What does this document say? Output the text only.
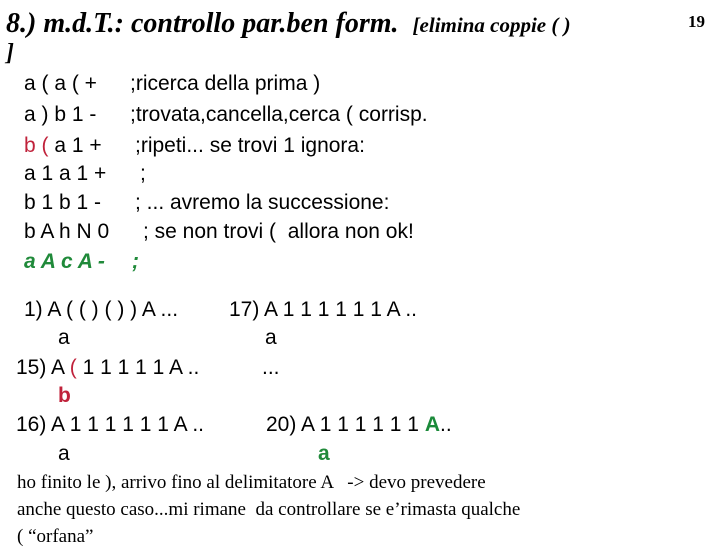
8.) m.d.T.: controllo par.ben form. [elimina coppie ( )
]
19
a ( a ( + ;ricerca della prima )
a ) b 1 - ;trovata,cancella,cerca ( corrisp.
b ( a 1 + ;ripeti... se trovi 1 ignora:
a 1 a 1 + ;
b 1 b 1 - ; ... avremo la successione:
b A h N 0 ; se non trovi (  allora non ok!
a A c A - ;
1) A ( ( ) ( ) ) A ...
a
15) A ( 1 1 1 1 1 A ..
b
16) A 1 1 1 1 1 1 A ..
a
17) A 1 1 1 1 1 1 A ..
a
...
20) A 1 1 1 1 1 1 A..
a
ho finito le ), arrivo fino al delimitatore A   -> devo prevedere
anche questo caso...mi rimane  da controllare se e’rimasta qualche
( “orfana”
